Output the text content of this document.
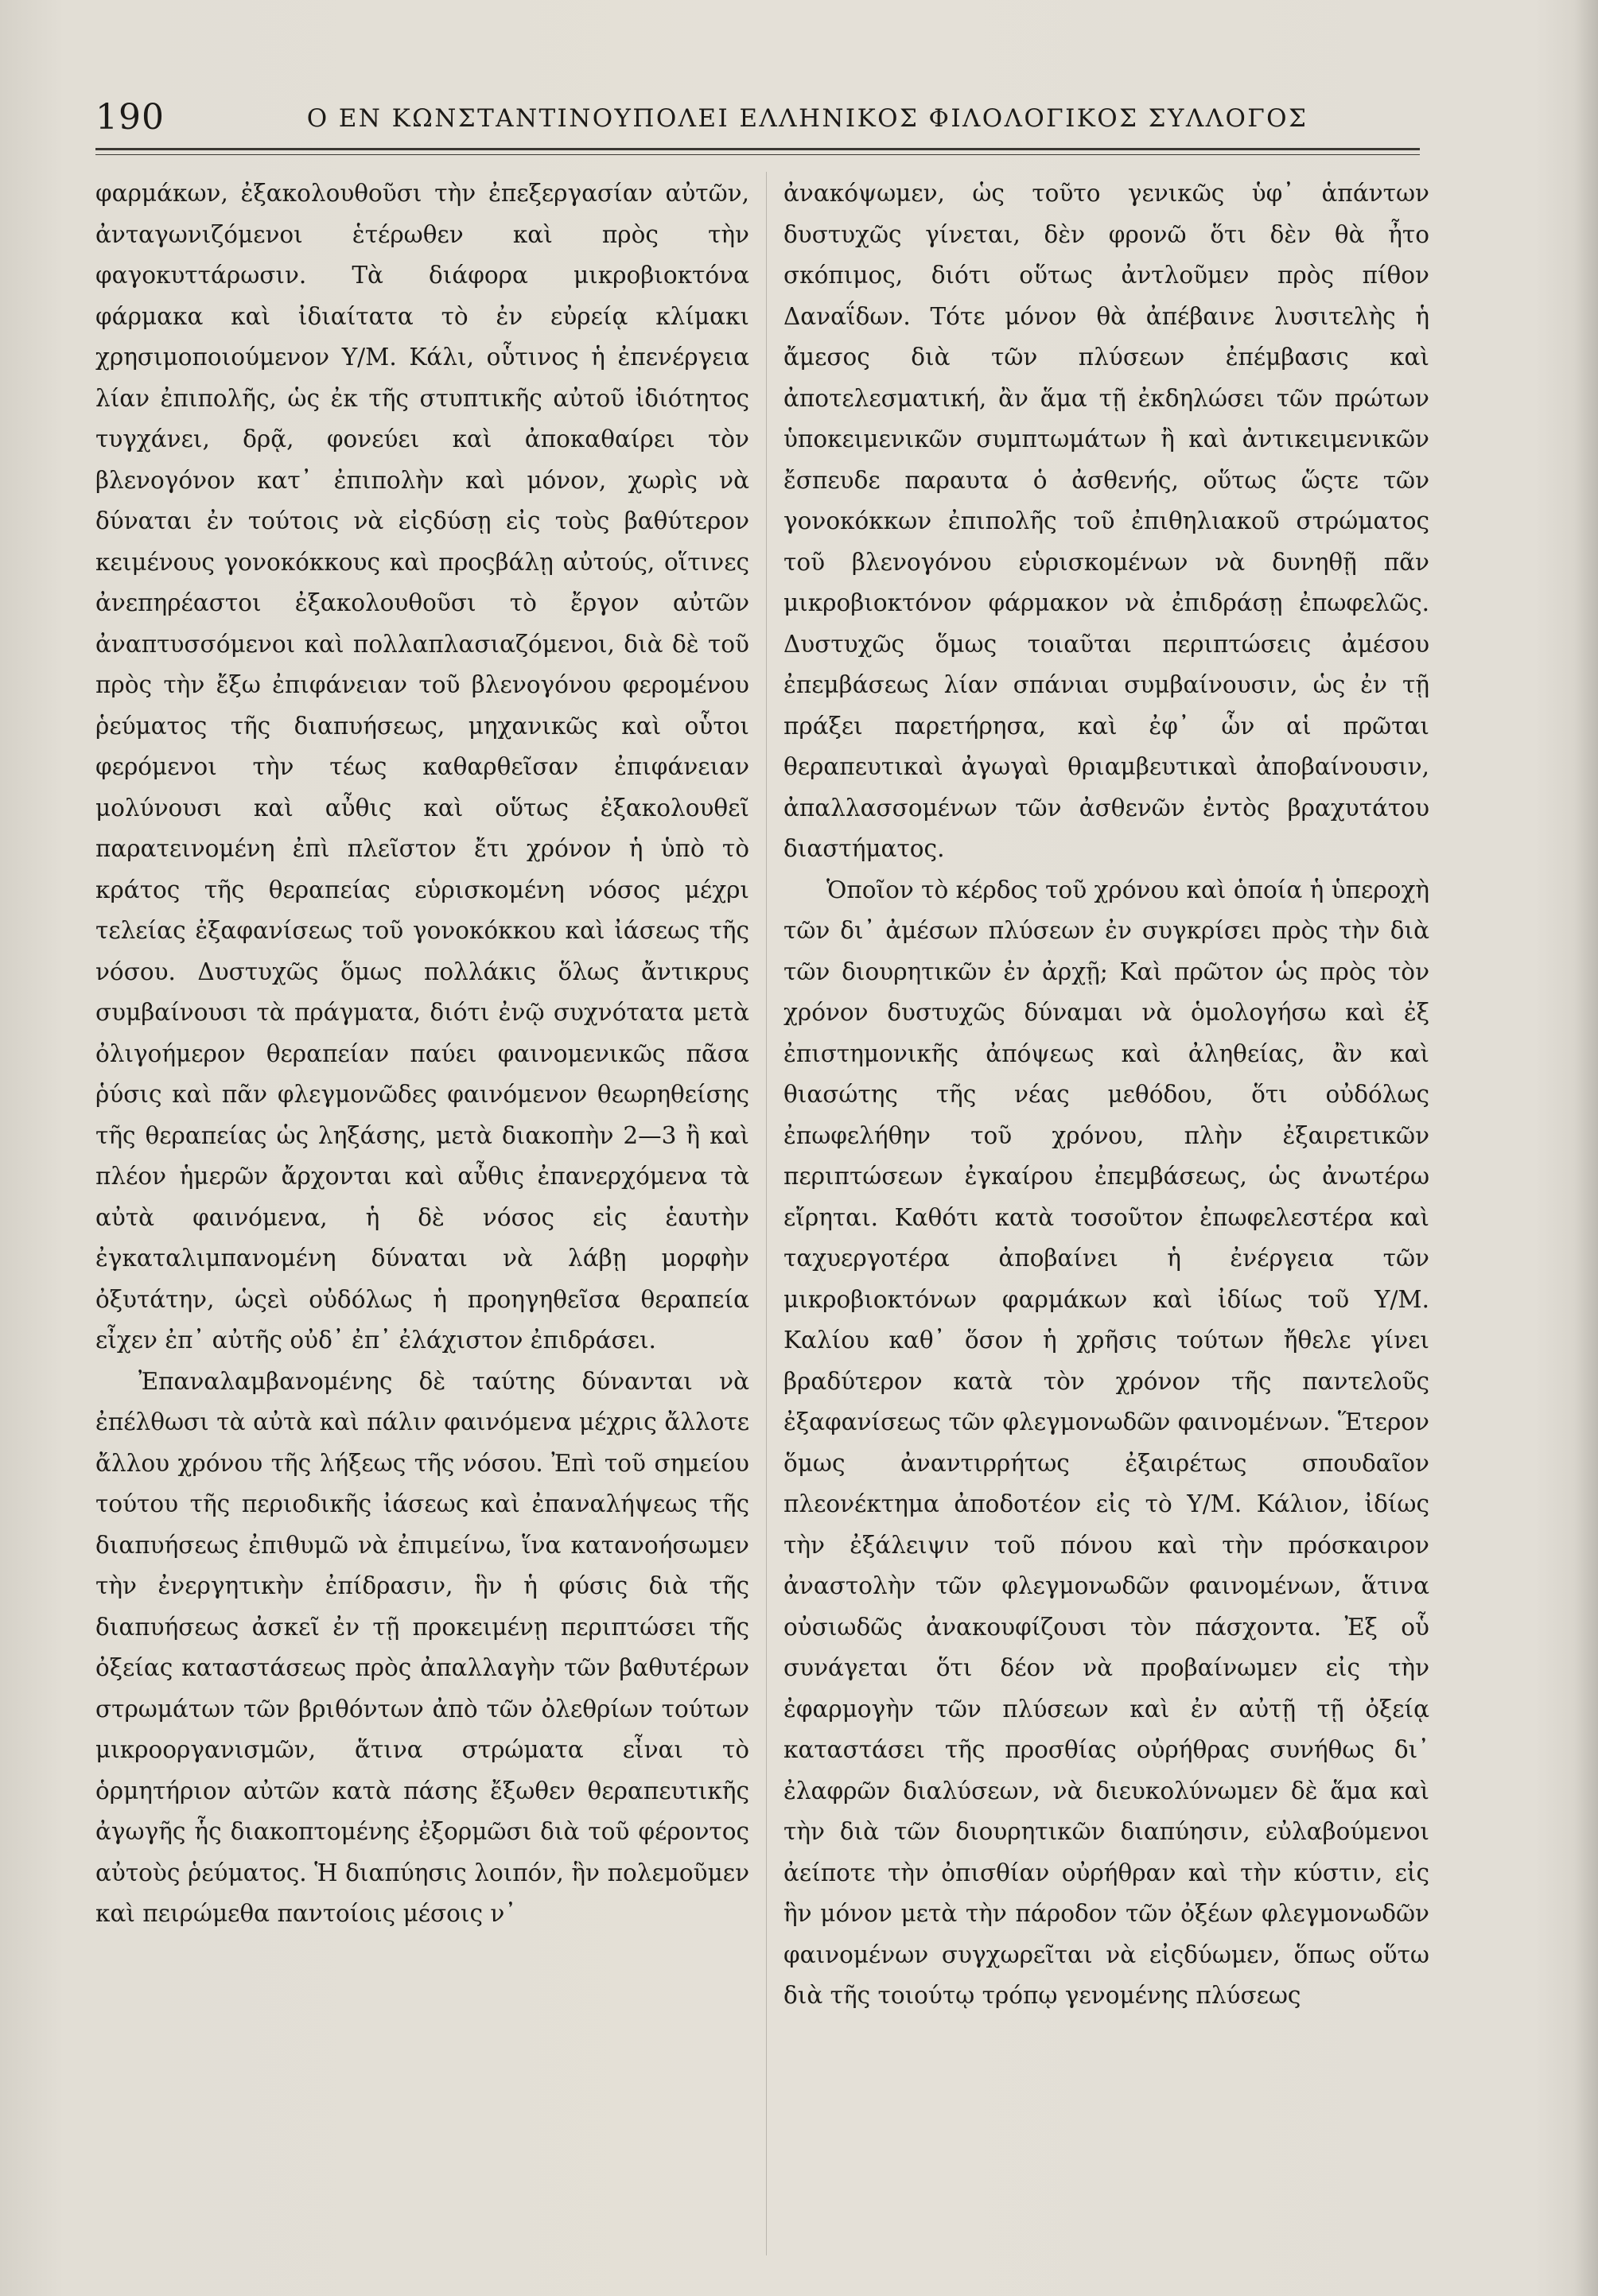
190	Ο ΕΝ ΚΩΝΣΤΑΝΤΙΝΟΥΠΟΛΕΙ ΕΛΛΗΝΙΚΟΣ ΦΙΛΟΛΟΓΙΚΟΣ ΣΥΛΛΟΓΟΣ

φαρμάκων, ἐξακολουθοῦσι τὴν ἐπεξεργασίαν αὐτῶν, ἀνταγωνιζόμενοι ἑτέρωθεν καὶ πρὸς τὴν φαγοκυττάρωσιν. Τὰ διάφορα μικροβιοκτόνα φάρμακα καὶ ἰδιαίτατα τὸ ἐν εὐρείᾳ κλίμακι χρησιμοποιούμενον Υ/Μ. Κάλι, οὗτινος ἡ ἐπενέργεια λίαν ἐπιπολῆς, ὡς ἐκ τῆς στυπτικῆς αὐτοῦ ἰδιότητος τυγχάνει, δρᾷ, φονεύει καὶ ἀποκαθαίρει τὸν βλενογόνον κατ᾽ ἐπιπολὴν καὶ μόνον, χωρὶς νὰ δύναται ἐν τούτοις νὰ εἰςδύσῃ εἰς τοὺς βαθύτερον κειμένους γονοκόκκους καὶ προςβάλῃ αὐτούς, οἵτινες ἀνεπηρέαστοι ἐξακολουθοῦσι τὸ ἔργον αὐτῶν ἀναπτυσσόμενοι καὶ πολλαπλασιαζόμενοι, διὰ δὲ τοῦ πρὸς τὴν ἔξω ἐπιφάνειαν τοῦ βλενογόνου φερομένου ῥεύματος τῆς διαπυήσεως, μηχανικῶς καὶ οὗτοι φερόμενοι τὴν τέως καθαρθεῖσαν ἐπιφάνειαν μολύνουσι καὶ αὖθις καὶ οὕτως ἐξακολουθεῖ παρατεινομένη ἐπὶ πλεῖστον ἔτι χρόνον ἡ ὑπὸ τὸ κράτος τῆς θεραπείας εὑρισκομένη νόσος μέχρι τελείας ἐξαφανίσεως τοῦ γονοκόκκου καὶ ἰάσεως τῆς νόσου. Δυστυχῶς ὅμως πολλάκις ὅλως ἄντικρυς συμβαίνουσι τὰ πράγματα, διότι ἐνῷ συχνότατα μετὰ ὀλιγοήμερον θεραπείαν παύει φαινομενικῶς πᾶσα ῥύσις καὶ πᾶν φλεγμονῶδες φαινόμενον θεωρηθείσης τῆς θεραπείας ὡς ληξάσης, μετὰ διακοπὴν 2—3 ἢ καὶ πλέον ἡμερῶν ἄρχονται καὶ αὖθις ἐπανερχόμενα τὰ αὐτὰ φαινόμενα, ἡ δὲ νόσος εἰς ἑαυτὴν ἐγκαταλιμπανομένη δύναται νὰ λάβῃ μορφὴν ὀξυτάτην, ὡςεὶ οὐδόλως ἡ προηγηθεῖσα θεραπεία εἶχεν ἐπ᾽ αὐτῆς οὐδ᾽ ἐπ᾽ ἐλάχιστον ἐπιδράσει.

Ἐπαναλαμβανομένης δὲ ταύτης δύνανται νὰ ἐπέλθωσι τὰ αὐτὰ καὶ πάλιν φαινόμενα μέχρις ἄλλοτε ἄλλου χρόνου τῆς λήξεως τῆς νόσου. Ἐπὶ τοῦ σημείου τούτου τῆς περιοδικῆς ἰάσεως καὶ ἐπαναλήψεως τῆς διαπυήσεως ἐπιθυμῶ νὰ ἐπιμείνω, ἵνα κατανοήσωμεν τὴν ἐνεργητικὴν ἐπίδρασιν, ἣν ἡ φύσις διὰ τῆς διαπυήσεως ἀσκεῖ ἐν τῇ προκειμένῃ περιπτώσει τῆς ὀξείας καταστάσεως πρὸς ἀπαλλαγὴν τῶν βαθυτέρων στρωμάτων τῶν βριθόντων ἀπὸ τῶν ὀλεθρίων τούτων μικροοργανισμῶν, ἅτινα στρώματα εἶναι τὸ ὁρμητήριον αὐτῶν κατὰ πάσης ἔξωθεν θεραπευτικῆς ἀγωγῆς ἧς διακοπτομένης ἐξορμῶσι διὰ τοῦ φέροντος αὐτοὺς ῥεύματος. Ἡ διαπύησις λοιπόν, ἣν πολεμοῦμεν καὶ πειρώμεθα παντοίοις μέσοις ν᾽

ἀνακόψωμεν, ὡς τοῦτο γενικῶς ὑφ᾽ ἁπάντων δυστυχῶς γίνεται, δὲν φρονῶ ὅτι δὲν θὰ ἦτο σκόπιμος, διότι οὕτως ἀντλοῦμεν πρὸς πίθον Δαναΐδων. Τότε μόνον θὰ ἀπέβαινε λυσιτελὴς ἡ ἄμεσος διὰ τῶν πλύσεων ἐπέμβασις καὶ ἀποτελεσματική, ἂν ἅμα τῇ ἐκδηλώσει τῶν πρώτων ὑποκειμενικῶν συμπτωμάτων ἢ καὶ ἀντικειμενικῶν ἔσπευδε παραυτα ὁ ἀσθενής, οὕτως ὥςτε τῶν γονοκόκκων ἐπιπολῆς τοῦ ἐπιθηλιακοῦ στρώματος τοῦ βλενογόνου εὑρισκομένων νὰ δυνηθῇ πᾶν μικροβιοκτόνον φάρμακον νὰ ἐπιδράσῃ ἐπωφελῶς. Δυστυχῶς ὅμως τοιαῦται περιπτώσεις ἀμέσου ἐπεμβάσεως λίαν σπάνιαι συμβαίνουσιν, ὡς ἐν τῇ πράξει παρετήρησα, καὶ ἐφ᾽ ὧν αἱ πρῶται θεραπευτικαὶ ἀγωγαὶ θριαμβευτικαὶ ἀποβαίνουσιν, ἀπαλλασσομένων τῶν ἀσθενῶν ἐντὸς βραχυτάτου διαστήματος.

Ὁποῖον τὸ κέρδος τοῦ χρόνου καὶ ὁποία ἡ ὑπεροχὴ τῶν δι᾽ ἀμέσων πλύσεων ἐν συγκρίσει πρὸς τὴν διὰ τῶν διουρητικῶν ἐν ἀρχῇ; Καὶ πρῶτον ὡς πρὸς τὸν χρόνον δυστυχῶς δύναμαι νὰ ὁμολογήσω καὶ ἐξ ἐπιστημονικῆς ἀπόψεως καὶ ἀληθείας, ἂν καὶ θιασώτης τῆς νέας μεθόδου, ὅτι οὐδόλως ἐπωφελήθην τοῦ χρόνου, πλὴν ἐξαιρετικῶν περιπτώσεων ἐγκαίρου ἐπεμβάσεως, ὡς ἀνωτέρω εἴρηται. Καθότι κατὰ τοσοῦτον ἐπωφελεστέρα καὶ ταχυεργοτέρα ἀποβαίνει ἡ ἐνέργεια τῶν μικροβιοκτόνων φαρμάκων καὶ ἰδίως τοῦ Υ/Μ. Καλίου καθ᾽ ὅσον ἡ χρῆσις τούτων ἤθελε γίνει βραδύτερον κατὰ τὸν χρόνον τῆς παντελοῦς ἐξαφανίσεως τῶν φλεγμονωδῶν φαινομένων. Ἕτερον ὅμως ἀναντιρρήτως ἐξαιρέτως σπουδαῖον πλεονέκτημα ἀποδοτέον εἰς τὸ Υ/Μ. Κάλιον, ἰδίως τὴν ἐξάλειψιν τοῦ πόνου καὶ τὴν πρόσκαιρον ἀναστολὴν τῶν φλεγμονωδῶν φαινομένων, ἅτινα οὐσιωδῶς ἀνακουφίζουσι τὸν πάσχοντα. Ἐξ οὗ συνάγεται ὅτι δέον νὰ προβαίνωμεν εἰς τὴν ἐφαρμογὴν τῶν πλύσεων καὶ ἐν αὐτῇ τῇ ὀξείᾳ καταστάσει τῆς προσθίας οὐρήθρας συνήθως δι᾽ ἐλαφρῶν διαλύσεων, νὰ διευκολύνωμεν δὲ ἅμα καὶ τὴν διὰ τῶν διουρητικῶν διαπύησιν, εὐλαβούμενοι ἀείποτε τὴν ὀπισθίαν οὐρήθραν καὶ τὴν κύστιν, εἰς ἣν μόνον μετὰ τὴν πάροδον τῶν ὀξέων φλεγμονωδῶν φαινομένων συγχωρεῖται νὰ εἰςδύωμεν, ὅπως οὕτω διὰ τῆς τοιούτῳ τρόπῳ γενομένης πλύσεως
